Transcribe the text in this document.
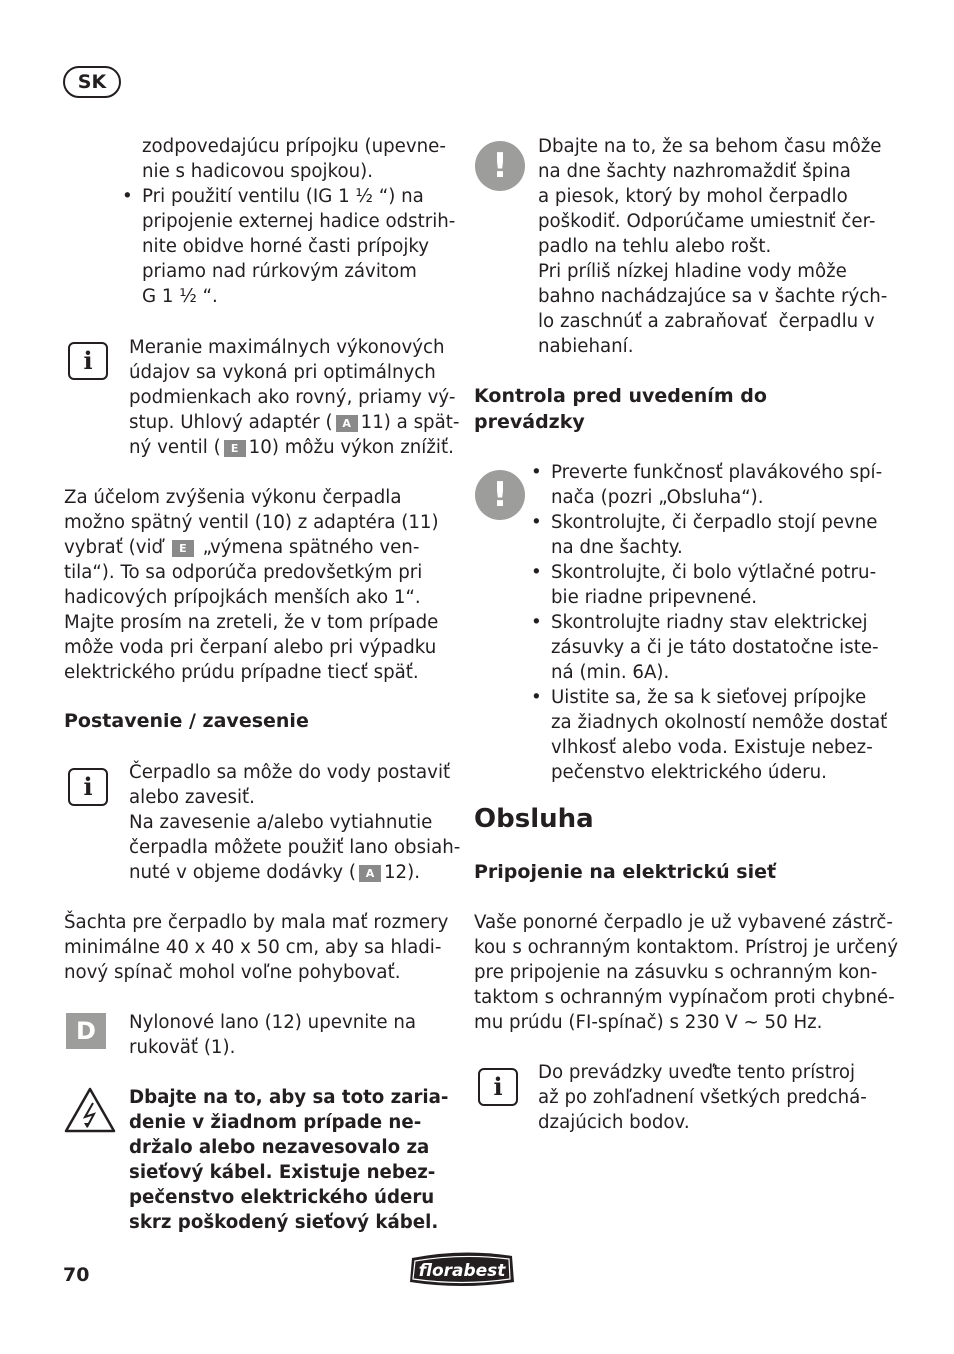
SK
zodpovedajúcu prípojku (upevne-
nie s hadicovou spojkou).
• Pri použití ventilu (IG 1 ½ “) na
pripojenie externej hadice odstrih-
nite obidve horné časti prípojky
priamo nad rúrkovým závitom
G 1 ½ “.
i	Meranie maximálnych výkonových
údajov sa vykoná pri optimálnych
podmienkach ako rovný, priamy vý-
stup. Uhlový adaptér ( A 11) a spät-
ný ventil ( E 10) môžu výkon znížiť.
Za účelom zvýšenia výkonu čerpadla
možno spätný ventil (10) z adaptéra (11)
vybrať (viď E „výmena spätného ven-
tila“). To sa odporúča predovšetkým pri
hadicových prípojkách menších ako 1“.
Majte prosím na zreteli, že v tom prípade
môže voda pri čerpaní alebo pri výpadku
elektrického prúdu prípadne tiecť späť.
Postavenie / zavesenie
i	Čerpadlo sa môže do vody postaviť
alebo zavesiť.
Na zavesenie a/alebo vytiahnutie
čerpadla môžete použiť lano obsiah-
nuté v objeme dodávky ( A 12).
Šachta pre čerpadlo by mala mať rozmery
minimálne 40 x 40 x 50 cm, aby sa hladi-
nový spínač mohol voľne pohybovať.
D	Nylonové lano (12) upevnite na
rukoväť (1).
Dbajte na to, aby sa toto zaria-
denie v žiadnom prípade ne-
držalo alebo nezavesovalo za
sieťový kábel. Existuje nebez-
pečenstvo elektrického úderu
skrz poškodený sieťový kábel.
!	Dbajte na to, že sa behom času môže
na dne šachty nazhromaždiť špina
a piesok, ktorý by mohol čerpadlo
poškodiť. Odporúčame umiestniť čer-
padlo na tehlu alebo rošt.
Pri príliš nízkej hladine vody môže
bahno nachádzajúce sa v šachte rých-
lo zaschnúť a zabraňovať  čerpadlu v
nabiehaní.
Kontrola pred uvedením do
prevádzky
!
• Preverte funkčnosť plavákového spí-
nača (pozri „Obsluha“).
• Skontrolujte, či čerpadlo stojí pevne
na dne šachty.
• Skontrolujte, či bolo výtlačné potru-
bie riadne pripevnené.
• Skontrolujte riadny stav elektrickej
zásuvky a či je táto dostatočne iste-
ná (min. 6A).
• Uistite sa, že sa k sieťovej prípojke
za žiadnych okolností nemôže dostať
vlhkosť alebo voda. Existuje nebez-
pečenstvo elektrického úderu.
Obsluha
Pripojenie na elektrickú sieť
Vaše ponorné čerpadlo je už vybavené zástrč-
kou s ochranným kontaktom. Prístroj je určený
pre pripojenie na zásuvku s ochranným kon-
taktom s ochranným vypínačom proti chybné-
mu prúdu (FI-spínač) s 230 V ~ 50 Hz.
i	Do prevádzky uveďte tento prístroj
až po zohľadnení všetkých predchá-
dzajúcich bodov.
70	florabest
